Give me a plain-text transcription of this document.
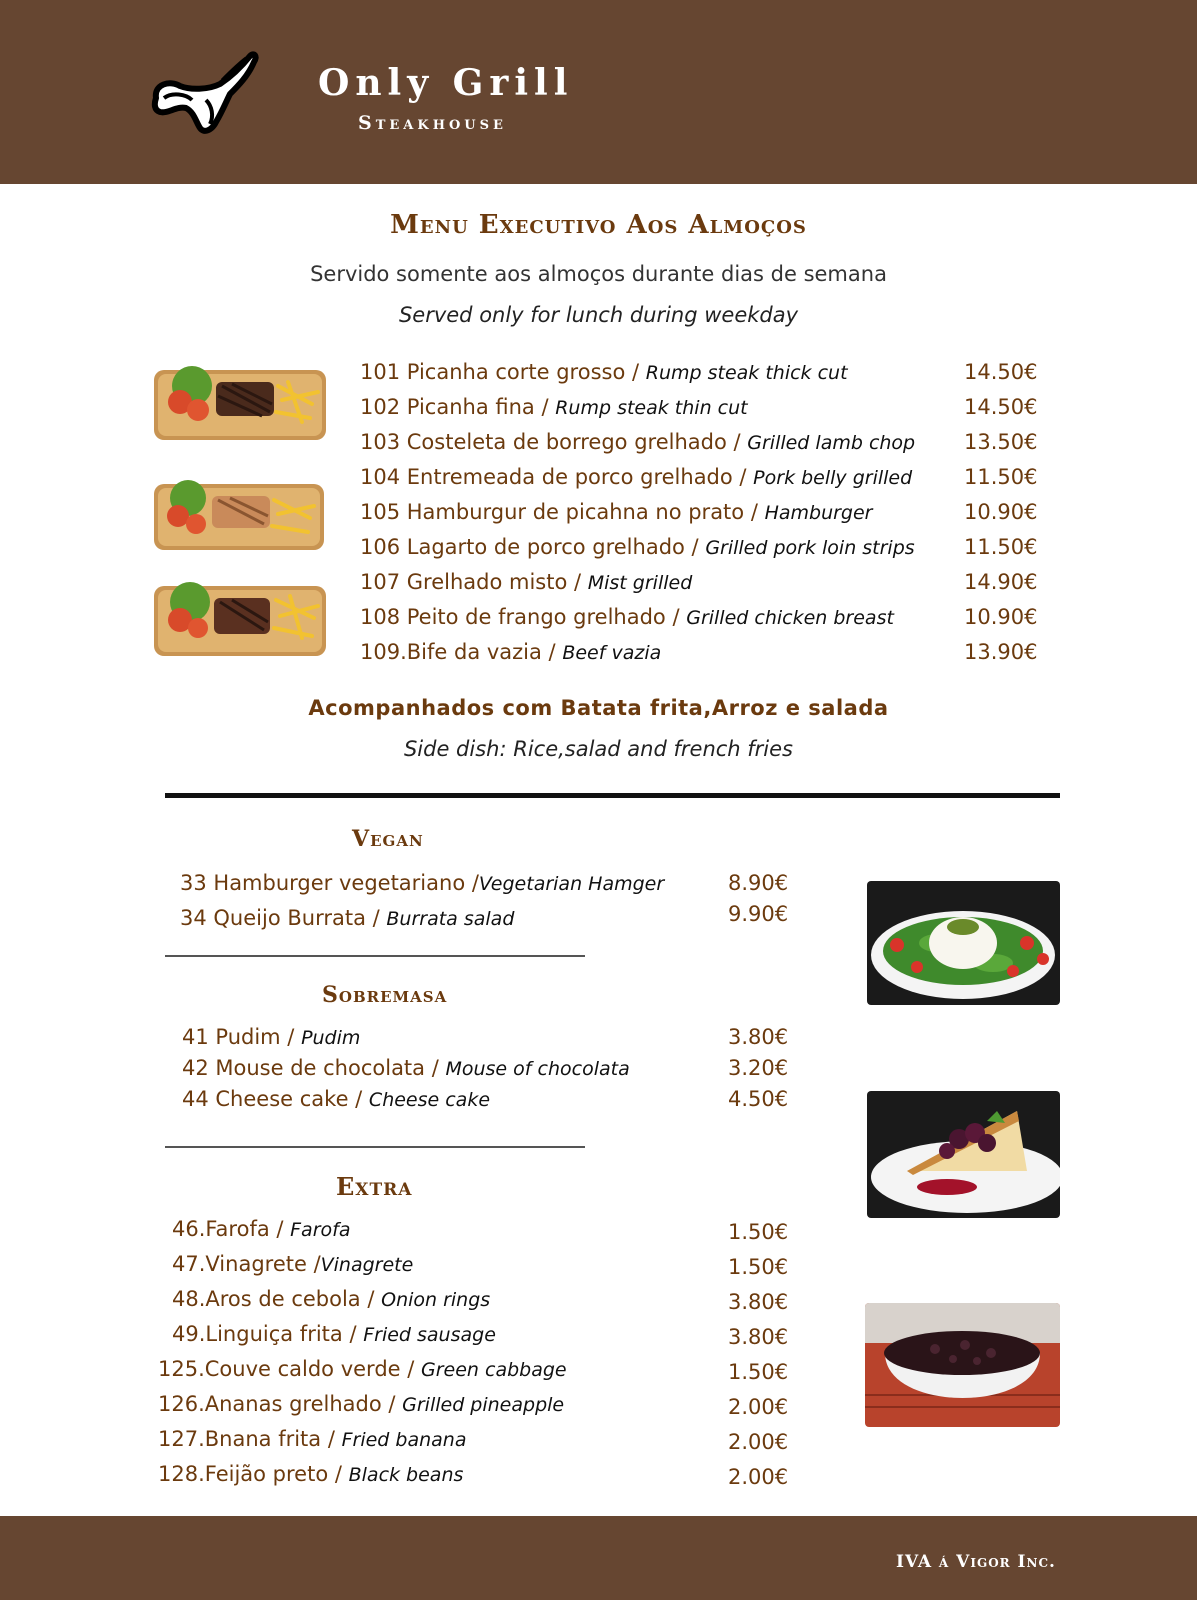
Only Grill
Steakhouse
Menu Executivo Aos Almoços
Servido somente aos almoços durante dias de semana
Served only for lunch during weekday
101 Picanha corte grosso / Rump steak thick cut	14.50€
102 Picanha fina / Rump steak thin cut	14.50€
103 Costeleta de borrego grelhado / Grilled lamb chop 13.50€
104 Entremeada de porco grelhado / Pork belly grilled 11.50€
105 Hamburgur de picahna no prato / Hamburger	10.90€
106 Lagarto de porco grelhado / Grilled pork loin strips 11.50€
107 Grelhado misto / Mist grilled	14.90€
108 Peito de frango grelhado / Grilled chicken breast	10.90€
109.Bife da vazia / Beef vazia	13.90€
Acompanhados com Batata frita,Arroz e salada
Side dish: Rice,salad and french fries
Vegan
33 Hamburger vegetariano /Vegetarian Hamger	8.90€
34 Queijo Burrata / Burrata salad	9.90€
Sobremasa
41 Pudim / Pudim	3.80€
42 Mouse de chocolata / Mouse of chocolata	3.20€
44 Cheese cake / Cheese cake	4.50€
Extra
46.Farofa / Farofa	1.50€
47.Vinagrete /Vinagrete	1.50€
48.Aros de cebola / Onion rings	3.80€
49.Linguiça frita / Fried sausage	3.80€
125.Couve caldo verde / Green cabbage	1.50€
126.Ananas grelhado / Grilled pineapple	2.00€
127.Bnana frita / Fried banana	2.00€
128.Feijão preto / Black beans	2.00€
IVA á Vigor Inc.
